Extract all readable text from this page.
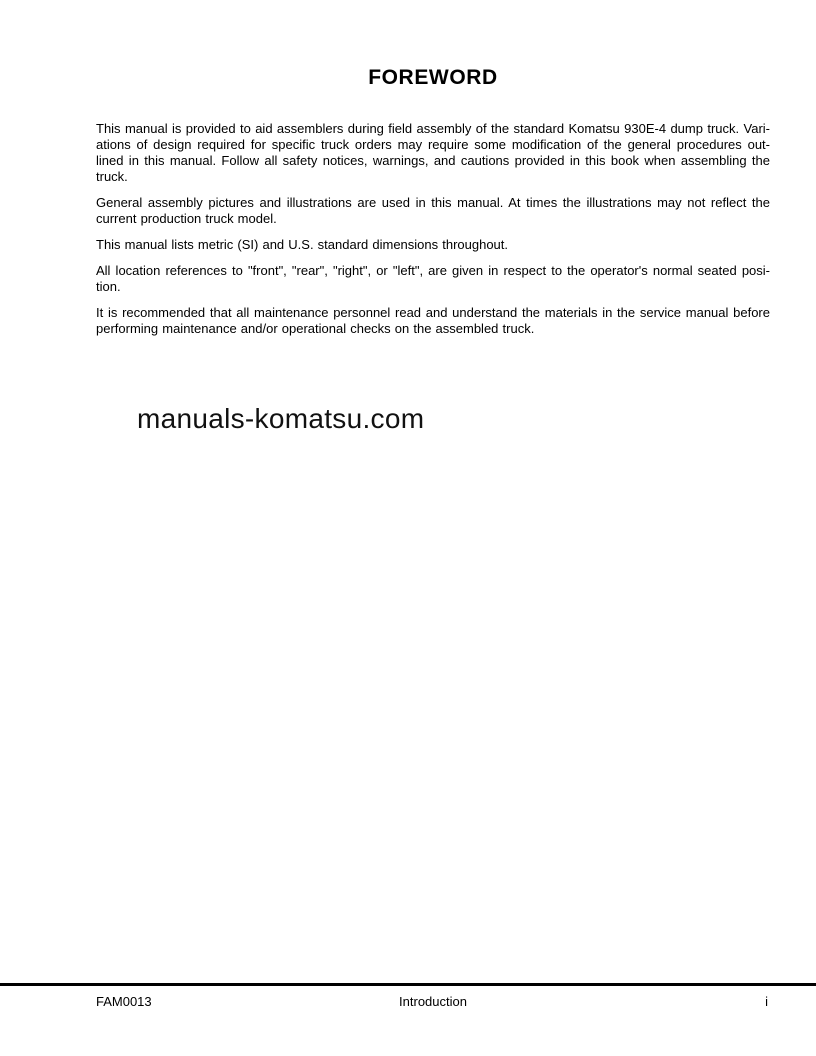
FOREWORD
This manual is provided to aid assemblers during field assembly of the standard Komatsu 930E-4 dump truck. Vari-
ations of design required for specific truck orders may require some modification of the general procedures out-
lined in this manual. Follow all safety notices, warnings, and cautions provided in this book when assembling the
truck.
General assembly pictures and illustrations are used in this manual. At times the illustrations may not reflect the
current production truck model.
This manual lists metric (SI) and U.S. standard dimensions throughout.
All location references to "front", "rear", "right", or "left", are given in respect to the operator's normal seated posi-
tion.
It is recommended that all maintenance personnel read and understand the materials in the service manual before
performing maintenance and/or operational checks on the assembled truck.
manuals-komatsu.com
FAM0013	Introduction	i
